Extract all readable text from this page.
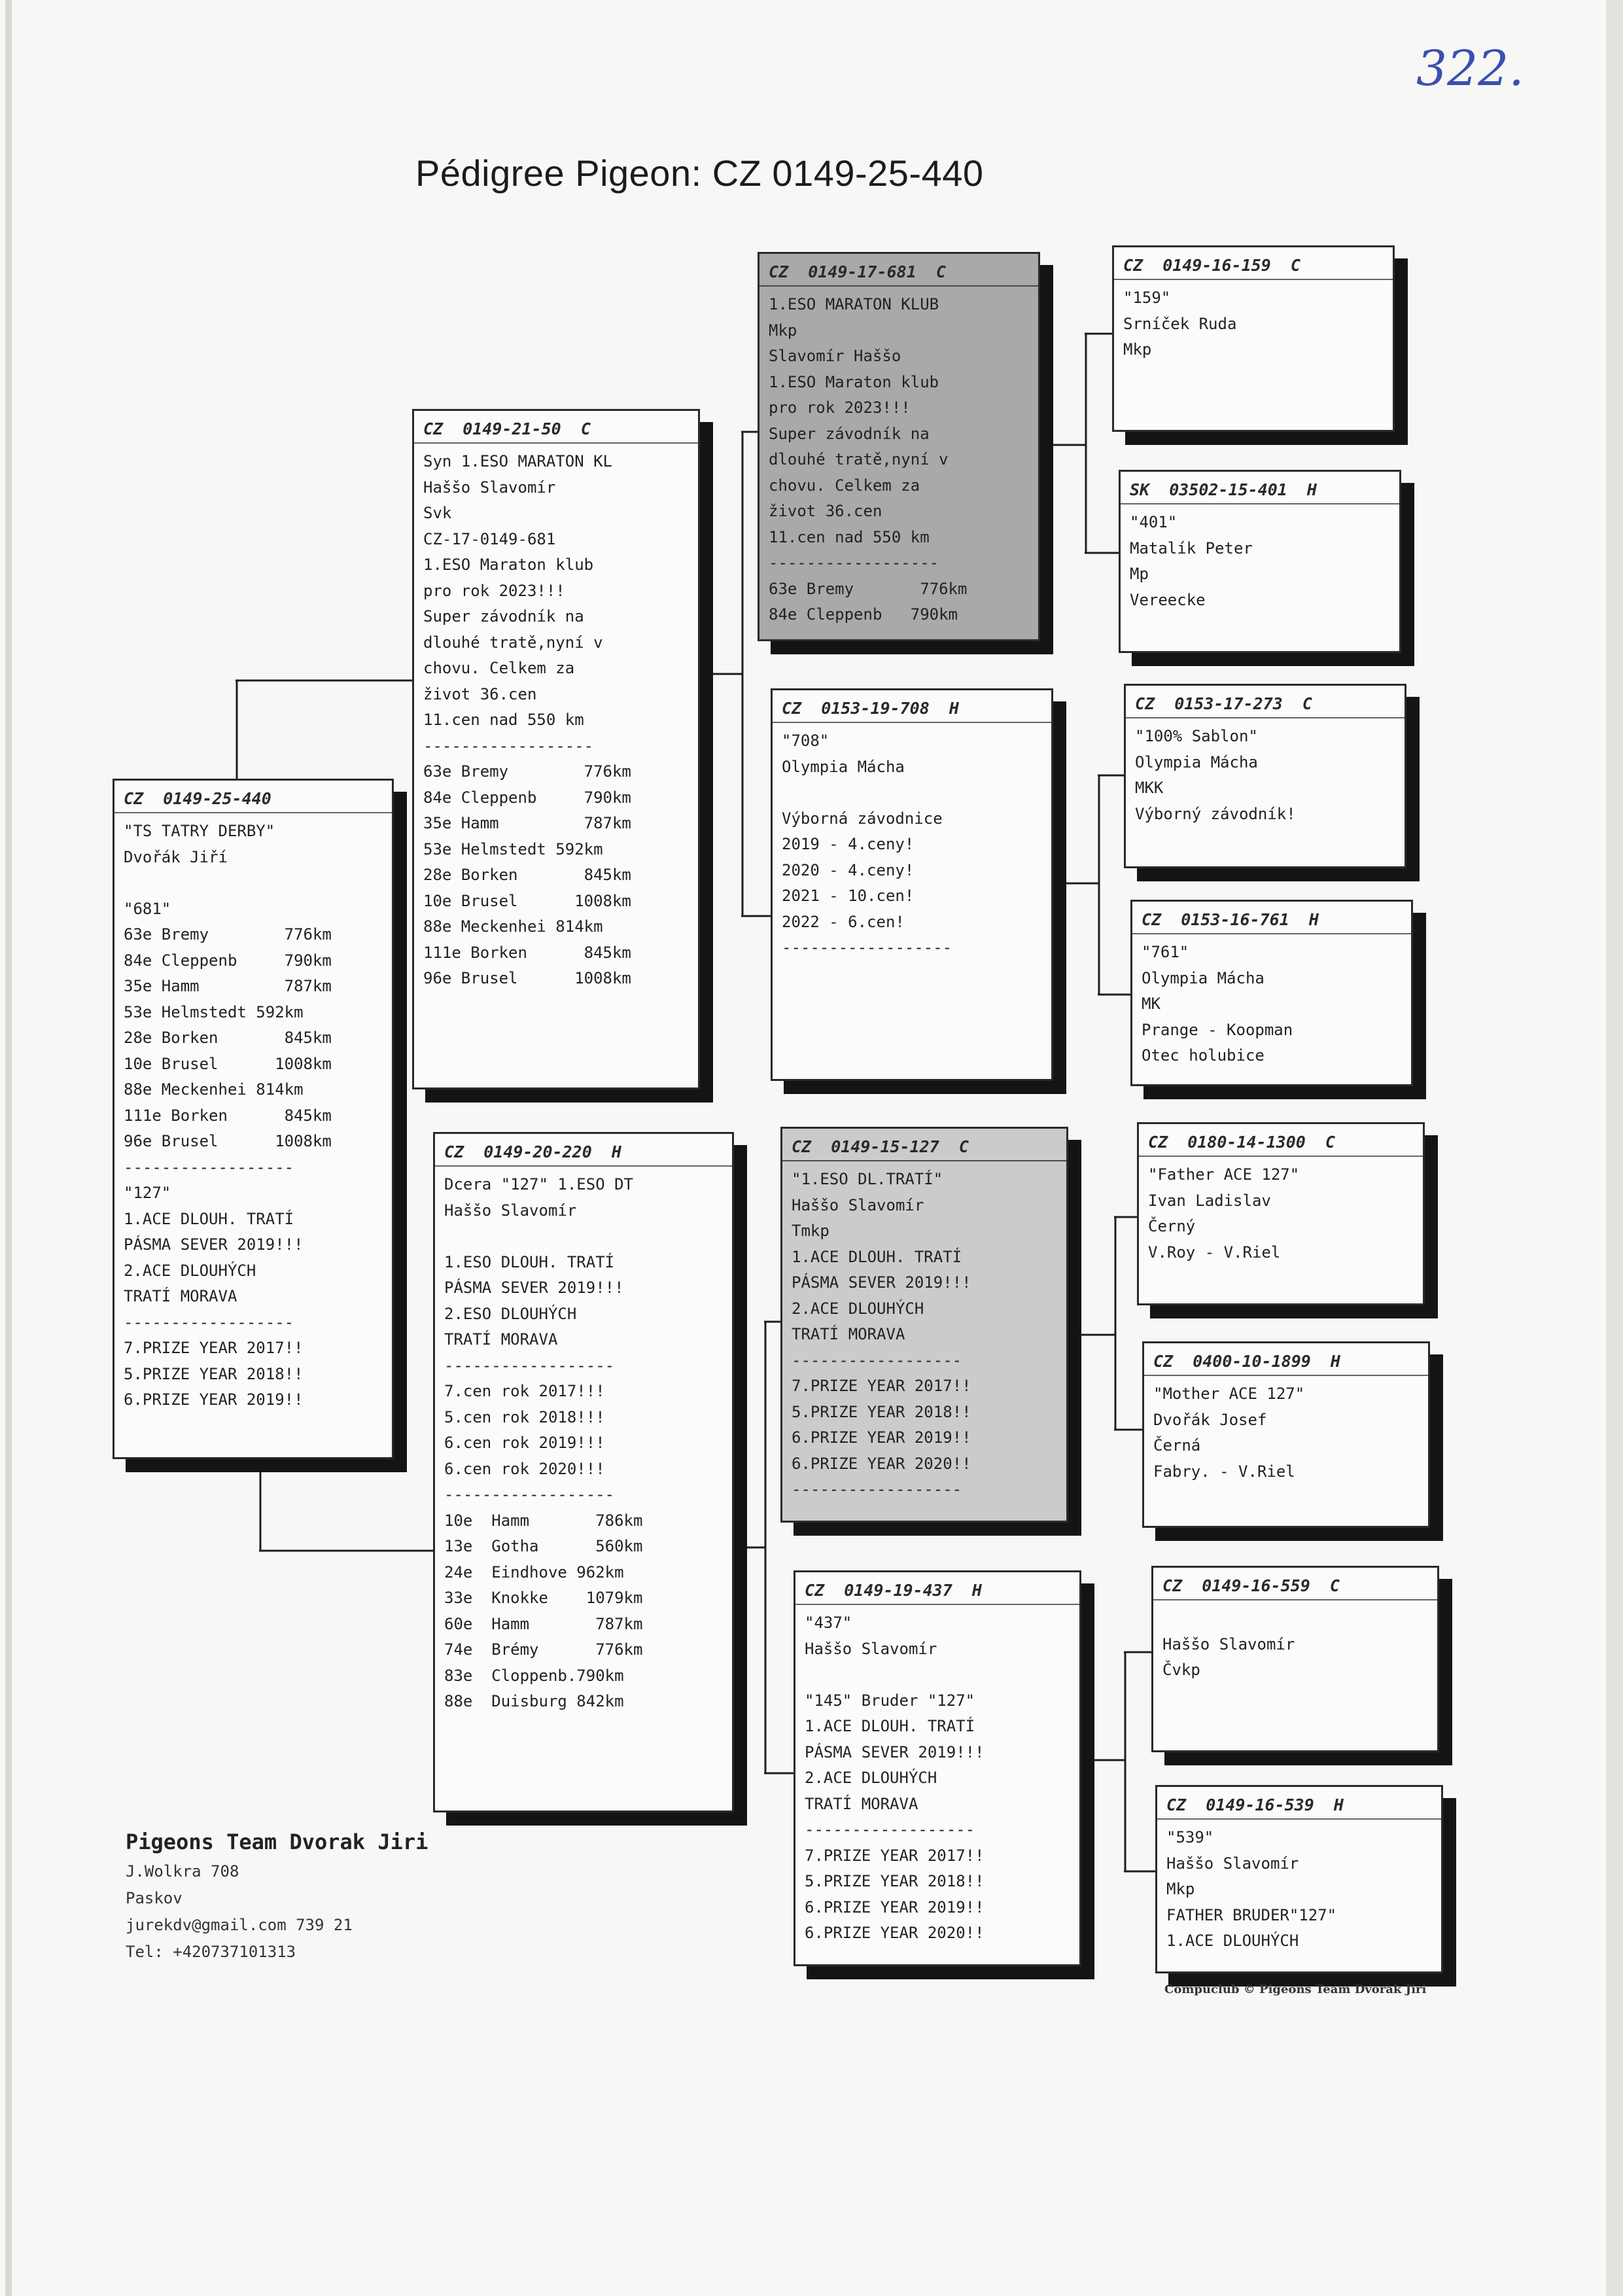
322.
Pédigree Pigeon: CZ 0149-25-440
CZ  0149-25-440
"TS TATRY DERBY"
Dvořák Jiří
"681"
63e Bremy        776km
84e Cleppenb     790km
35e Hamm         787km
53e Helmstedt 592km
28e Borken       845km
10e Brusel      1008km
88e Meckenhei 814km
111e Borken      845km
96e Brusel      1008km
------------------
"127"
1.ACE DLOUH. TRATÍ
PÁSMA SEVER 2019!!!
2.ACE DLOUHÝCH
TRATÍ MORAVA
------------------
7.PRIZE YEAR 2017!!
5.PRIZE YEAR 2018!!
6.PRIZE YEAR 2019!!
CZ  0149-21-50  C
Syn 1.ESO MARATON KL
Haššo Slavomír
Svk
CZ-17-0149-681
1.ESO Maraton klub
pro rok 2023!!!
Super závodník na
dlouhé tratě,nyní v
chovu. Celkem za
život 36.cen
11.cen nad 550 km
------------------
63e Bremy        776km
84e Cleppenb     790km
35e Hamm         787km
53e Helmstedt 592km
28e Borken       845km
10e Brusel      1008km
88e Meckenhei 814km
111e Borken      845km
96e Brusel      1008km
CZ  0149-20-220  H
Dcera "127" 1.ESO DT
Haššo Slavomír
1.ESO DLOUH. TRATÍ
PÁSMA SEVER 2019!!!
2.ESO DLOUHÝCH
TRATÍ MORAVA
------------------
7.cen rok 2017!!!
5.cen rok 2018!!!
6.cen rok 2019!!!
6.cen rok 2020!!!
------------------
10e  Hamm       786km
13e  Gotha      560km
24e  Eindhove 962km
33e  Knokke    1079km
60e  Hamm       787km
74e  Brémy      776km
83e  Cloppenb.790km
88e  Duisburg 842km
CZ  0149-17-681  C
1.ESO MARATON KLUB
Mkp
Slavomír Haššo
1.ESO Maraton klub
pro rok 2023!!!
Super závodník na
dlouhé tratě,nyní v
chovu. Celkem za
život 36.cen
11.cen nad 550 km
------------------
63e Bremy       776km
84e Cleppenb   790km
CZ  0153-19-708  H
"708"
Olympia Mácha
Výborná závodnice
2019 - 4.ceny!
2020 - 4.ceny!
2021 - 10.cen!
2022 - 6.cen!
------------------
CZ  0149-15-127  C
"1.ESO DL.TRATÍ"
Haššo Slavomír
Tmkp
1.ACE DLOUH. TRATÍ
PÁSMA SEVER 2019!!!
2.ACE DLOUHÝCH
TRATÍ MORAVA
------------------
7.PRIZE YEAR 2017!!
5.PRIZE YEAR 2018!!
6.PRIZE YEAR 2019!!
6.PRIZE YEAR 2020!!
------------------
CZ  0149-19-437  H
"437"
Haššo Slavomír
"145" Bruder "127"
1.ACE DLOUH. TRATÍ
PÁSMA SEVER 2019!!!
2.ACE DLOUHÝCH
TRATÍ MORAVA
------------------
7.PRIZE YEAR 2017!!
5.PRIZE YEAR 2018!!
6.PRIZE YEAR 2019!!
6.PRIZE YEAR 2020!!
CZ  0149-16-159  C
"159"
Srníček Ruda
Mkp
SK  03502-15-401  H
"401"
Matalík Peter
Mp
Vereecke
CZ  0153-17-273  C
"100% Sablon"
Olympia Mácha
MKK
Výborný závodník!
CZ  0153-16-761  H
"761"
Olympia Mácha
MK
Prange - Koopman
Otec holubice
CZ  0180-14-1300  C
"Father ACE 127"
Ivan Ladislav
Černý
V.Roy - V.Riel
CZ  0400-10-1899  H
"Mother ACE 127"
Dvořák Josef
Černá
Fabry. - V.Riel
CZ  0149-16-559  C
Haššo Slavomír
Čvkp
CZ  0149-16-539  H
"539"
Haššo Slavomír
Mkp
FATHER BRUDER"127"
1.ACE DLOUHÝCH
Pigeons Team Dvorak Jiri
J.Wolkra 708
Paskov
jurekdv@gmail.com 739 21
Tel: +420737101313
Compuclub © Pigeons Team Dvorak Jiri
